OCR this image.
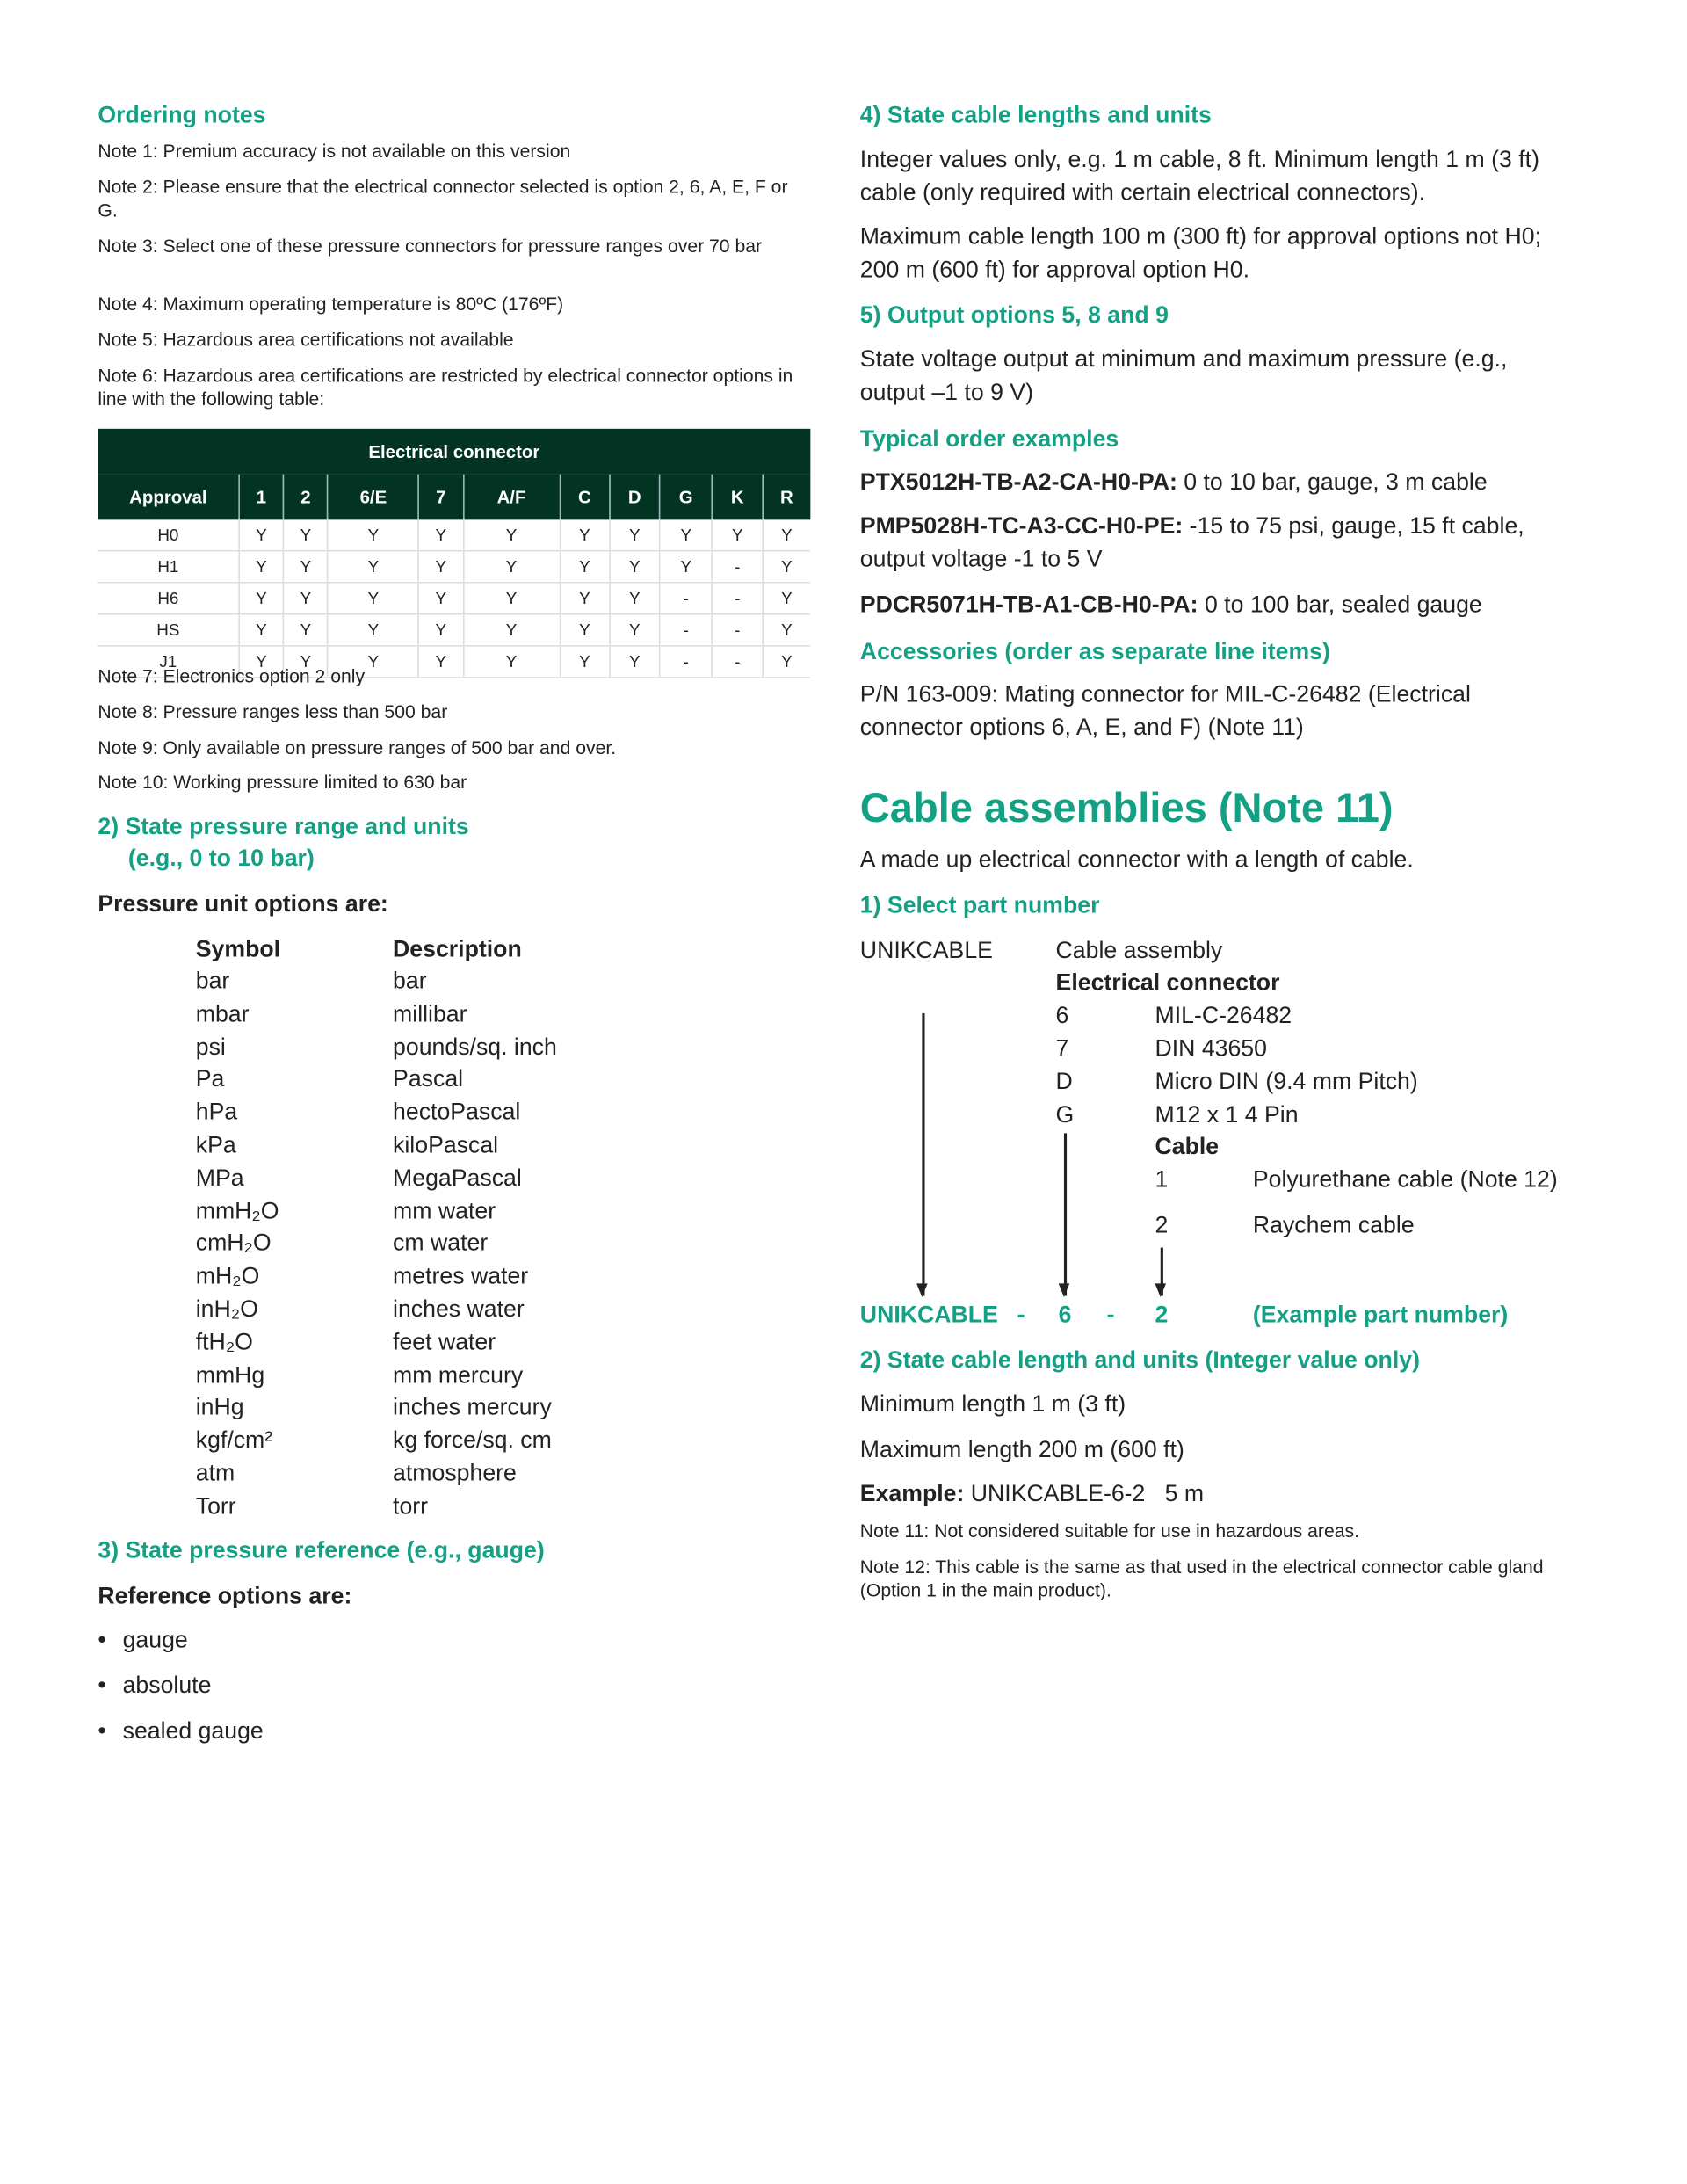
Ordering notes
Note 1: Premium accuracy is not available on this version
Note 2: Please ensure that the electrical connector selected is option 2, 6, A, E, F or G.
Note 3: Select one of these pressure connectors for pressure ranges over 70 bar
Note 4: Maximum operating temperature is 80ºC (176ºF)
Note 5: Hazardous area certifications not available
Note 6: Hazardous area certifications are restricted by electrical connector options in line with the following table:
Electrical connector										
Approval	1	2	6/E	7	A/F	C	D	G	K	R
H0	Y	Y	Y	Y	Y	Y	Y	Y	Y	Y
H1	Y	Y	Y	Y	Y	Y	Y	Y	-	Y
H6	Y	Y	Y	Y	Y	Y	Y	-	-	Y
HS	Y	Y	Y	Y	Y	Y	Y	-	-	Y
J1	Y	Y	Y	Y	Y	Y	Y	-	-	Y
Note 7: Electronics option 2 only
Note 8: Pressure ranges less than 500 bar
Note 9: Only available on pressure ranges of 500 bar and over.
Note 10: Working pressure limited to 630 bar
2) State pressure range and units
(e.g., 0 to 10 bar)
Pressure unit options are:
Symbol	Description
bar	bar
mbar	millibar
psi	pounds/sq. inch
Pa	Pascal
hPa	hectoPascal
kPa	kiloPascal
MPa	MegaPascal
mmH₂O	mm water
cmH₂O	cm water
mH₂O	metres water
inH₂O	inches water
ftH₂O	feet water
mmHg	mm mercury
inHg	inches mercury
kgf/cm²	kg force/sq. cm
atm	atmosphere
Torr	torr
3) State pressure reference (e.g., gauge)
Reference options are:
• gauge
• absolute
• sealed gauge
4) State cable lengths and units
Integer values only, e.g. 1 m cable, 8 ft. Minimum length 1 m (3 ft) cable (only required with certain electrical connectors).
Maximum cable length 100 m (300 ft) for approval options not H0; 200 m (600 ft) for approval option H0.
5) Output options 5, 8 and 9
State voltage output at minimum and maximum pressure (e.g., output –1 to 9 V)
Typical order examples
PTX5012H-TB-A2-CA-H0-PA: 0 to 10 bar, gauge, 3 m cable
PMP5028H-TC-A3-CC-H0-PE: -15 to 75 psi, gauge, 15 ft cable, output voltage -1 to 5 V
PDCR5071H-TB-A1-CB-H0-PA: 0 to 100 bar, sealed gauge
Accessories (order as separate line items)
P/N 163-009: Mating connector for MIL-C-26482 (Electrical connector options 6, A, E, and F) (Note 11)
Cable assemblies (Note 11)
A made up electrical connector with a length of cable.
1) Select part number
UNIKCABLE	Cable assembly
Electrical connector
6	MIL-C-26482
7	DIN 43650
D	Micro DIN (9.4 mm Pitch)
G	M12 x 1 4 Pin
Cable
1	Polyurethane cable (Note 12)
2	Raychem cable
UNIKCABLE - 6 -	2	(Example part number)
2) State cable length and units (Integer value only)
Minimum length 1 m (3 ft)
Maximum length 200 m (600 ft)
Example: UNIKCABLE-6-2   5 m
Note 11: Not considered suitable for use in hazardous areas.
Note 12: This cable is the same as that used in the electrical connector cable gland (Option 1 in the main product).
